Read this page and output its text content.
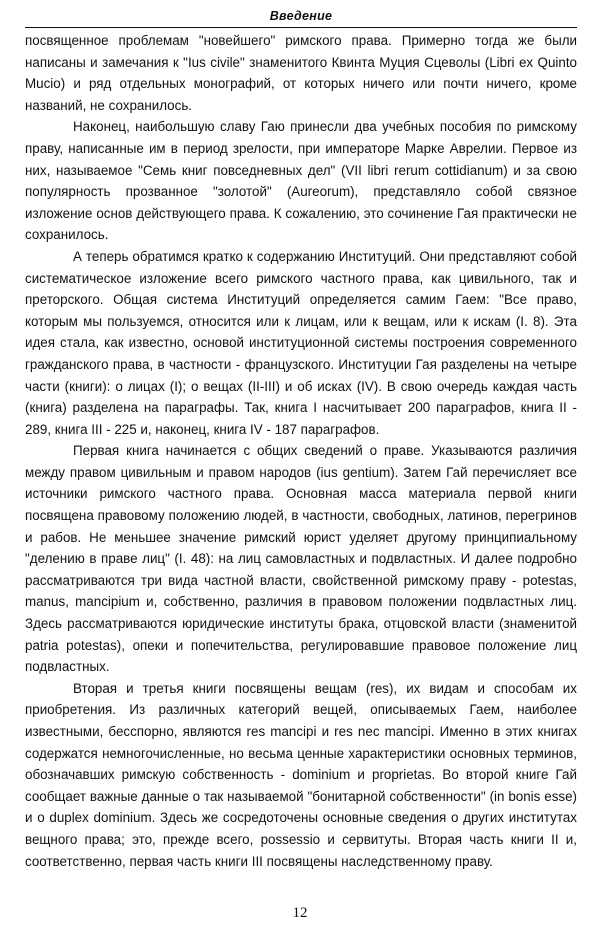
Введение

посвященное проблемам "новейшего" римского права. Примерно тогда же были написаны и замечания к "Ius civile" знаменитого Квинта Муция Сцеволы (Libri ex Quinto Mucio) и ряд отдельных монографий, от которых ничего или почти ничего, кроме названий, не сохранилось.

Наконец, наибольшую славу Гаю принесли два учебных пособия по римскому праву, написанные им в период зрелости, при императоре Марке Аврелии. Первое из них, называемое "Семь книг повседневных дел" (VII libri rerum cottidianum) и за свою популярность прозванное "золотой" (Aureorum), представляло собой связное изложение основ действующего права. К сожалению, это сочинение Гая практически не сохранилось.

А теперь обратимся кратко к содержанию Институций. Они представляют собой систематическое изложение всего римского частного права, как цивильного, так и преторского. Общая система Институций определяется самим Гаем: "Все право, которым мы пользуемся, относится или к лицам, или к вещам, или к искам (I. 8). Эта идея стала, как известно, основой институционной системы построения современного гражданского права, в частности - французского. Институции Гая разделены на четыре части (книги): о лицах (I); о вещах (II-III) и об исках (IV). В свою очередь каждая часть (книга) разделена на параграфы. Так, книга I насчитывает 200 параграфов, книга II - 289, книга III - 225 и, наконец, книга IV - 187 параграфов.

Первая книга начинается с общих сведений о праве. Указываются различия между правом цивильным и правом народов (ius gentium). Затем Гай перечисляет все источники римского частного права. Основная масса материала первой книги посвящена правовому положению людей, в частности, свободных, латинов, перегринов и рабов. Не меньшее значение римский юрист уделяет другому принципиальному "делению в праве лиц" (I. 48): на лиц самовластных и подвластных. И далее подробно рассматриваются три вида частной власти, свойственной римскому праву - potestas, manus, mancipium и, собственно, различия в правовом положении подвластных лиц. Здесь рассматриваются юридические институты брака, отцовской власти (знаменитой patria potestas), опеки и попечительства, регулировавшие правовое положение лиц подвластных.

Вторая и третья книги посвящены вещам (res), их видам и способам их приобретения. Из различных категорий вещей, описываемых Гаем, наиболее известными, бесспорно, являются res mancipi и res nec mancipi. Именно в этих книгах содержатся немногочисленные, но весьма ценные характеристики основных терминов, обозначавших римскую собственность - dominium и proprietas. Во второй книге Гай сообщает важные данные о так называемой "бонитарной собственности" (in bonis esse) и о duplex dominium. Здесь же сосредоточены основные сведения о других институтах вещного права; это, прежде всего, possessio и сервитуты. Вторая часть книги II и, соответственно, первая часть книги III посвящены наследственному праву.

12
